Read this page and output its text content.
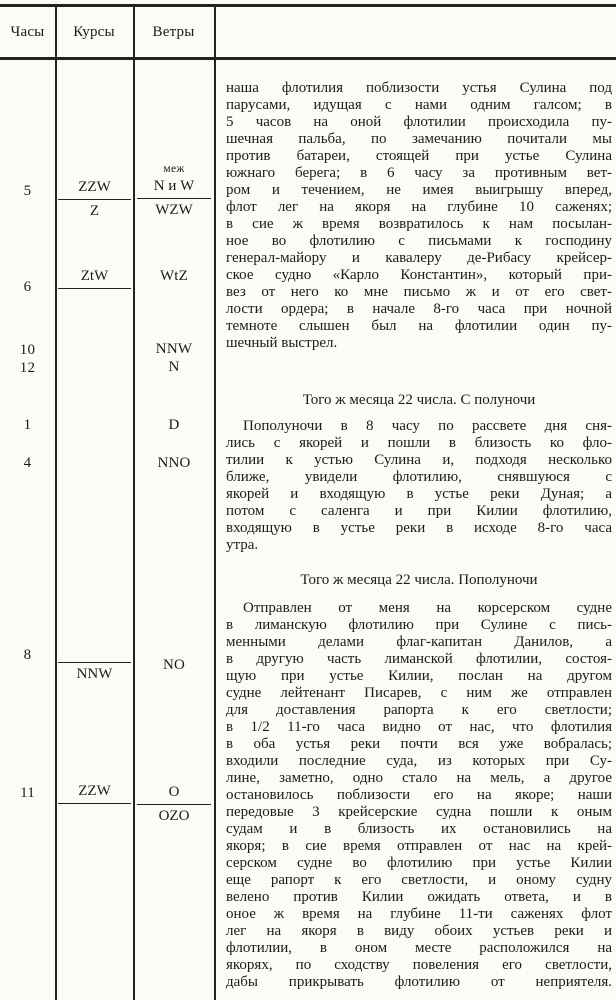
Часы	Курсы	Ветры
5
6
10
12
1
4
8
11
ZZW
Z
ZtW
NNW
ZZW
меж
N и W
WZW
WtZ
NNW
N
D
NNO
NO
O
OZO
наша флотилия поблизости устья Сулина под
парусами, идущая с нами одним галсом; в
5 часов на оной флотилии происходила пу-
шечная пальба, по замечанию почитали мы
против батареи, стоящей при устье Сулина
южнаго берега; в 6 часу за противным вет-
ром и течением, не имея выигрышу вперед,
флот лег на якоря на глубине 10 саженях;
в сие ж время возвратилось к нам посылан-
ное во флотилию с письмами к господину
генерал-майору и кавалеру де-Рибасу крейсер-
ское судно «Карло Константин», который при-
вез от него ко мне письмо ж и от его свет-
лости ордера; в начале 8-го часа при ночной
темноте слышен был на флотилии один пу-
шечный выстрел.
Того ж месяца 22 числа. С полуночи
Пополуночи в 8 часу по рассвете дня сня-
лись с якорей и пошли в близость ко фло-
тилии к устью Сулина и, подходя несколько
ближе, увидели флотилию, снявшуюся с
якорей и входящую в устье реки Дуная; а
потом с саленга и при Килии флотилию,
входящую в устье реки в исходе 8-го часа
утра.
Того ж месяца 22 числа. Пополуночи
Отправлен от меня на корсерском судне
в лиманскую флотилию при Сулине с пись-
менными делами флаг-капитан Данилов, а
в другую часть лиманской флотилии, состоя-
щую при устье Килии, послан на другом
судне лейтенант Писарев, с ним же отправлен
для доставления рапорта к его светлости;
в 1/2 11-го часа видно от нас, что флотилия
в оба устья реки почти вся уже вобралась;
входили последние суда, из которых при Су-
лине, заметно, одно стало на мель, а другое
остановилось поблизости его на якоре; наши
передовые 3 крейсерские судна пошли к оным
судам и в близость их остановились на
якоря; в сие время отправлен от нас на крей-
серском судне во флотилию при устье Килии
еще рапорт к его светлости, и оному судну
велено против Килии ожидать ответа, и в
оное ж время на глубине 11-ти саженях флот
лег на якоря в виду обоих устьев реки и
флотилии, в оном месте расположился на
якорях, по сходству повеления его светлости,
дабы прикрывать флотилию от неприятеля.
